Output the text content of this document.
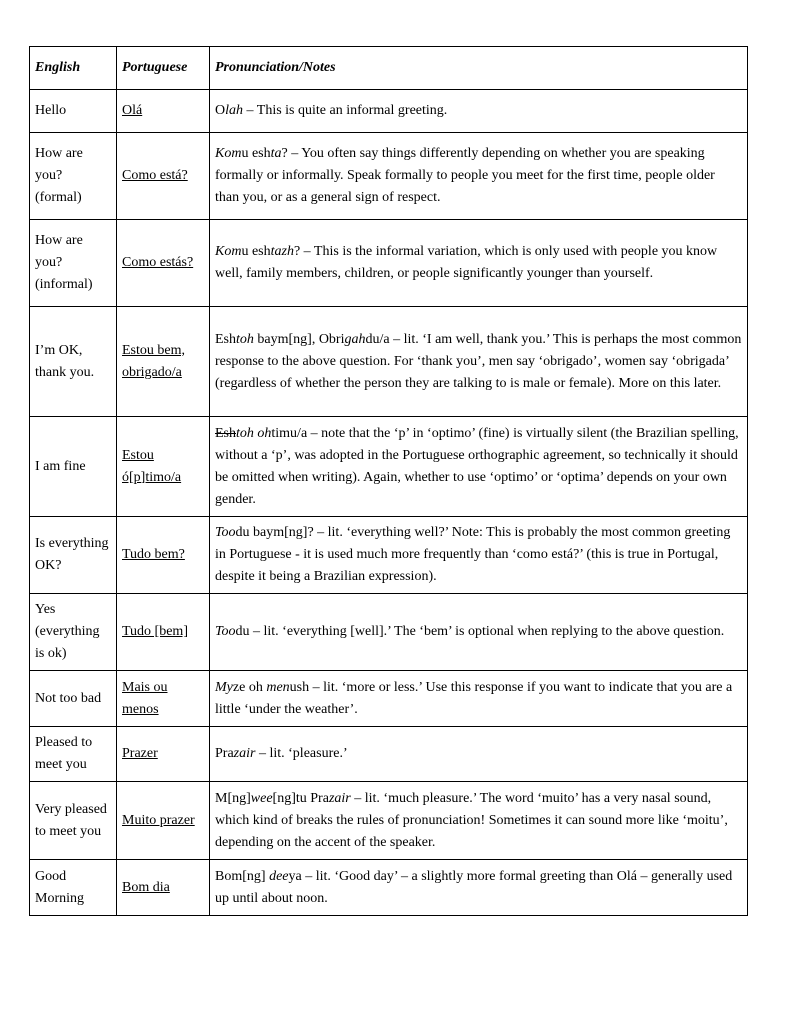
English	Portuguese	Pronunciation/Notes
Hello	Olá	Olah – This is quite an informal greeting.
How are you? (formal)	Como está?	Komu eshta? – You often say things differently depending on whether you are speaking formally or informally. Speak formally to people you meet for the first time, people older than you, or as a general sign of respect.
How are you? (informal)	Como estás?	Komu eshtazh? – This is the informal variation, which is only used with people you know well, family members, children, or people significantly younger than yourself.
I’m OK, thank you.	Estou bem, obrigado/a	Eshtoh baym[ng], Obrigahdu/a – lit. ‘I am well, thank you.’ This is perhaps the most common response to the above question. For ‘thank you’, men say ‘obrigado’, women say ‘obrigada’ (regardless of whether the person they are talking to is male or female). More on this later.
I am fine	Estou ó[p]timo/a	Eshtoh ohtimu/a – note that the ‘p’ in ‘optimo’ (fine) is virtually silent (the Brazilian spelling, without a ‘p’, was adopted in the Portuguese orthographic agreement, so technically it should be omitted when writing). Again, whether to use ‘optimo’ or ‘optima’ depends on your own gender.
Is everything OK?	Tudo bem?	Toodu baym[ng]? – lit. ‘everything well?’ Note: This is probably the most common greeting in Portuguese - it is used much more frequently than ‘como está?’ (this is true in Portugal, despite it being a Brazilian expression).
Yes (everything is ok)	Tudo [bem]	Toodu – lit. ‘everything [well].’ The ‘bem’ is optional when replying to the above question.
Not too bad	Mais ou menos	Myze oh menush – lit. ‘more or less.’ Use this response if you want to indicate that you are a little ‘under the weather’.
Pleased to meet you	Prazer	Prazair – lit. ‘pleasure.’
Very pleased to meet you	Muito prazer	M[ng]wee[ng]tu Prazair – lit. ‘much pleasure.’ The word ‘muito’ has a very nasal sound, which kind of breaks the rules of pronunciation! Sometimes it can sound more like ‘moitu’, depending on the accent of the speaker.
Good Morning	Bom dia	Bom[ng] deeya – lit. ‘Good day’ – a slightly more formal greeting than Olá – generally used up until about noon.
